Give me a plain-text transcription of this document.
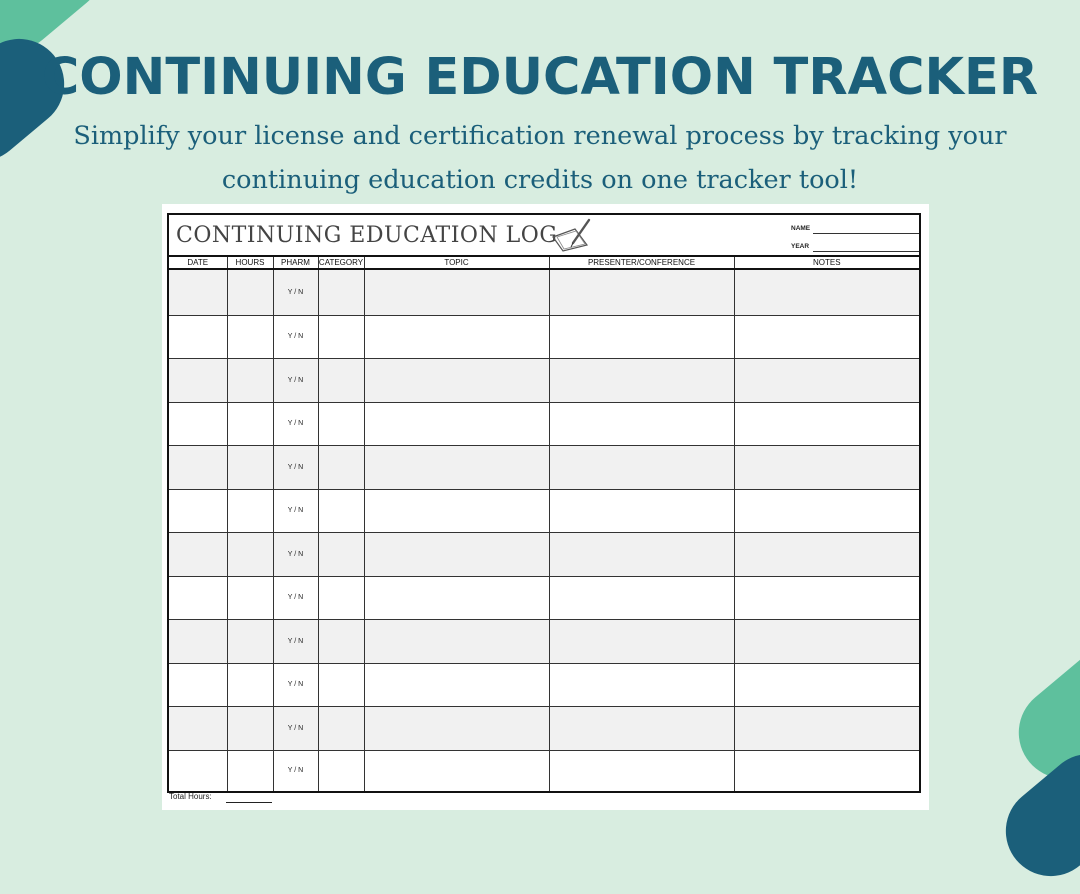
CONTINUING EDUCATION TRACKER

Simplify your license and certification renewal process by tracking your
continuing education credits on one tracker tool!

CONTINUING EDUCATION LOG	NAME
YEAR
DATE	HOURS	PHARM	CATEGORY	TOPIC	PRESENTER/CONFERENCE	NOTES
		Y / N				
		Y / N				
		Y / N				
		Y / N				
		Y / N				
		Y / N				
		Y / N				
		Y / N				
		Y / N				
		Y / N				
		Y / N				
		Y / N				
Total Hours:
